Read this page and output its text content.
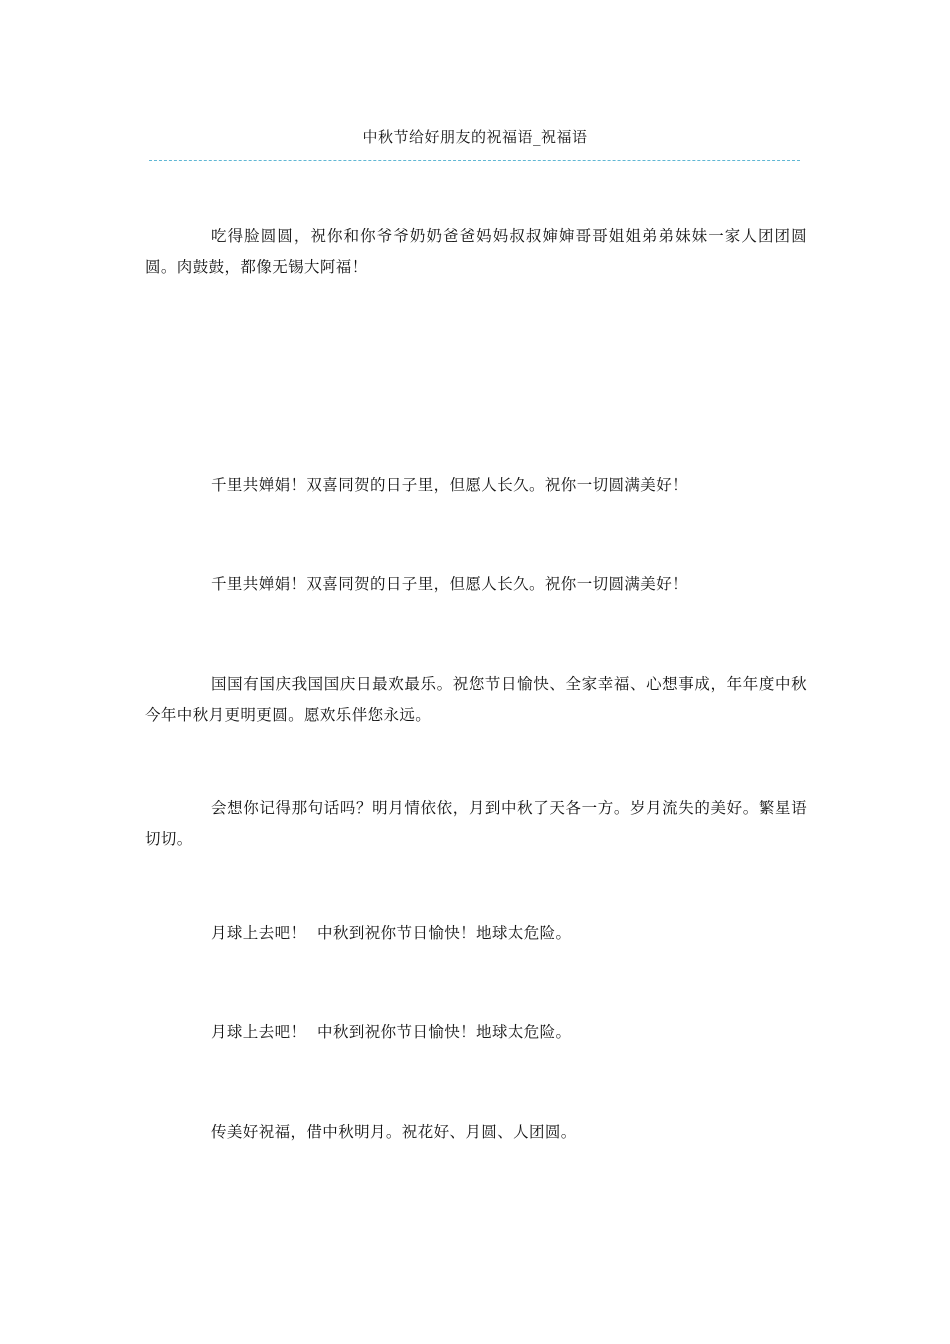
中秋节给好朋友的祝福语_祝福语

吃得脸圆圆，祝你和你爷爷奶奶爸爸妈妈叔叔婶婶哥哥姐姐弟弟妹妹一家人团团圆圆。肉鼓鼓，都像无锡大阿福！

千里共婵娟！双喜同贺的日子里，但愿人长久。祝你一切圆满美好！

千里共婵娟！双喜同贺的日子里，但愿人长久。祝你一切圆满美好！

国国有国庆我国国庆日最欢最乐。祝您节日愉快、全家幸福、心想事成，年年度中秋今年中秋月更明更圆。愿欢乐伴您永远。

会想你记得那句话吗？明月情依依，月到中秋了天各一方。岁月流失的美好。繁星语切切。

月球上去吧！  中秋到祝你节日愉快！地球太危险。

月球上去吧！  中秋到祝你节日愉快！地球太危险。

传美好祝福，借中秋明月。祝花好、月圆、人团圆。
